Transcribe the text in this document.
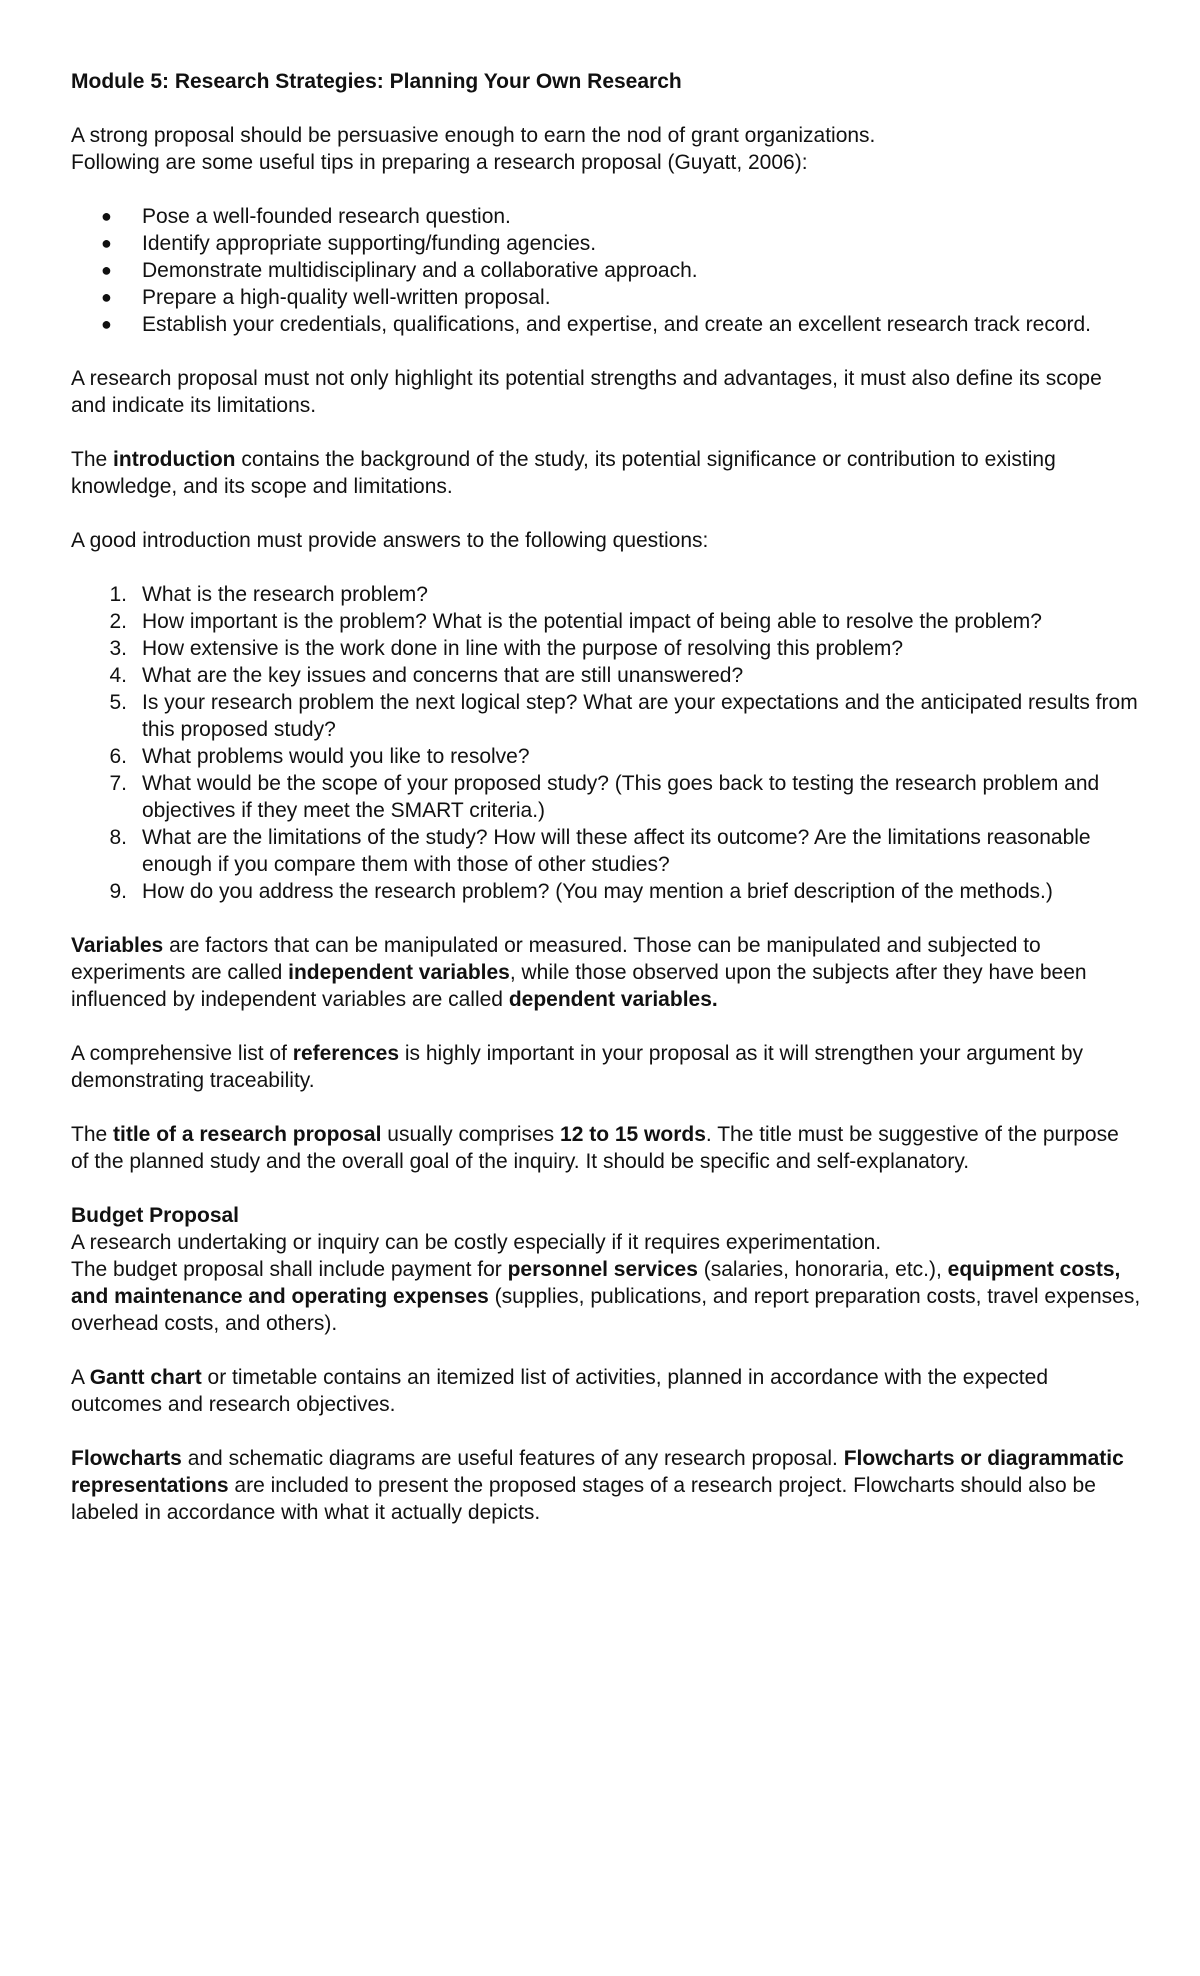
Module 5: Research Strategies: Planning Your Own Research

A strong proposal should be persuasive enough to earn the nod of grant organizations.
Following are some useful tips in preparing a research proposal (Guyatt, 2006):

● Pose a well-founded research question.
● Identify appropriate supporting/funding agencies.
● Demonstrate multidisciplinary and a collaborative approach.
● Prepare a high-quality well-written proposal.
● Establish your credentials, qualifications, and expertise, and create an excellent research track record.

A research proposal must not only highlight its potential strengths and advantages, it must also define its scope and indicate its limitations.

The introduction contains the background of the study, its potential significance or contribution to existing knowledge, and its scope and limitations.

A good introduction must provide answers to the following questions:

1. What is the research problem?
2. How important is the problem? What is the potential impact of being able to resolve the problem?
3. How extensive is the work done in line with the purpose of resolving this problem?
4. What are the key issues and concerns that are still unanswered?
5. Is your research problem the next logical step? What are your expectations and the anticipated results from this proposed study?
6. What problems would you like to resolve?
7. What would be the scope of your proposed study? (This goes back to testing the research problem and objectives if they meet the SMART criteria.)
8. What are the limitations of the study? How will these affect its outcome? Are the limitations reasonable enough if you compare them with those of other studies?
9. How do you address the research problem? (You may mention a brief description of the methods.)

Variables are factors that can be manipulated or measured. Those can be manipulated and subjected to experiments are called independent variables, while those observed upon the subjects after they have been influenced by independent variables are called dependent variables.

A comprehensive list of references is highly important in your proposal as it will strengthen your argument by demonstrating traceability.

The title of a research proposal usually comprises 12 to 15 words. The title must be suggestive of the purpose of the planned study and the overall goal of the inquiry. It should be specific and self-explanatory.

Budget Proposal
A research undertaking or inquiry can be costly especially if it requires experimentation.
The budget proposal shall include payment for personnel services (salaries, honoraria, etc.), equipment costs, and maintenance and operating expenses (supplies, publications, and report preparation costs, travel expenses, overhead costs, and others).

A Gantt chart or timetable contains an itemized list of activities, planned in accordance with the expected outcomes and research objectives.

Flowcharts and schematic diagrams are useful features of any research proposal. Flowcharts or diagrammatic representations are included to present the proposed stages of a research project. Flowcharts should also be labeled in accordance with what it actually depicts.
